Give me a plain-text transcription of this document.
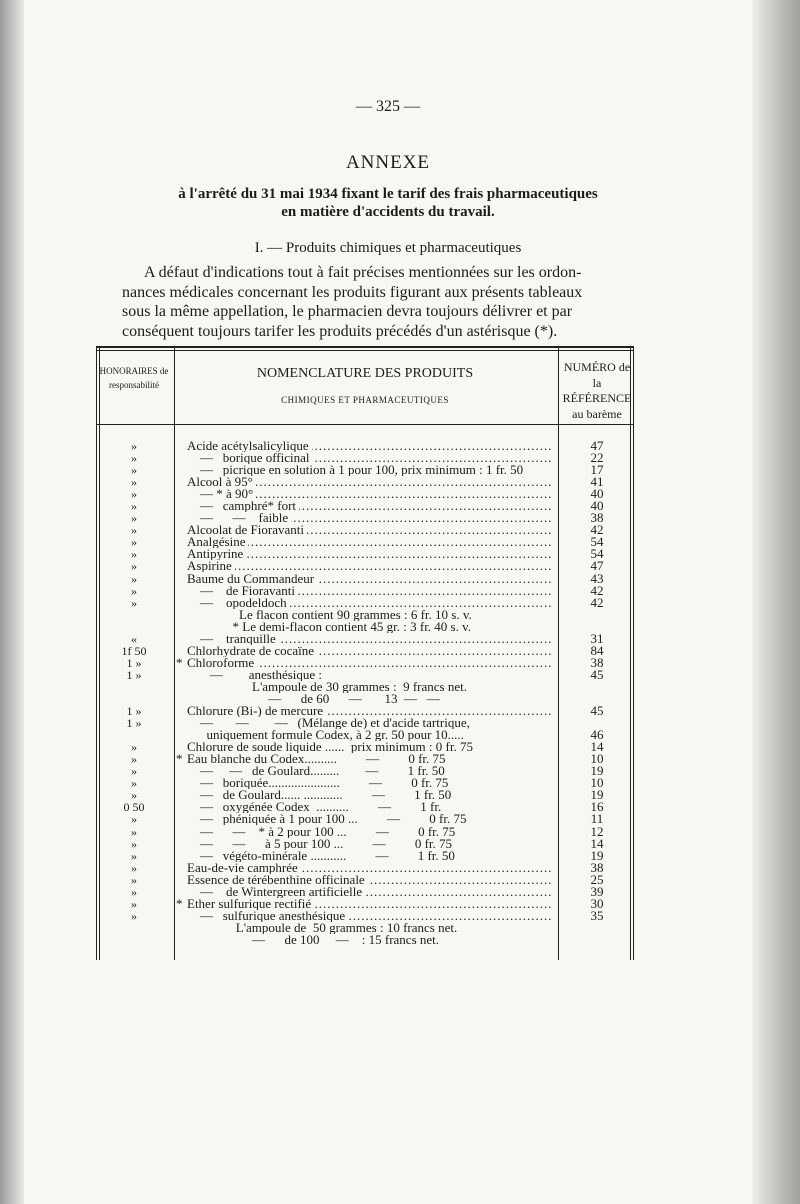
— 325 —
ANNEXE
à l'arrêté du 31 mai 1934 fixant le tarif des frais pharmaceutiques
en matière d'accidents du travail.
I. — Produits chimiques et pharmaceutiques
A défaut d'indications tout à fait précises mentionnées sur les ordon-
nances médicales concernant les produits figurant aux présents tableaux
sous la même appellation, le pharmacien devra toujours délivrer et par
conséquent toujours tarifer les produits précédés d'un astérisque (*).
HONORAIRES de responsabilité
NOMENCLATURE DES PRODUITS
CHIMIQUES ET PHARMACEUTIQUES
NUMÉRO de la RÉFÉRENCE au barème
»	Acide acétylsalicylique .....	47
»	—   borique officinal .....	22
»	—   picrique en solution à 1 pour 100, prix minimum : 1 fr. 50	17
»	Alcool à 95° .....	41
»	— * à 90° .....	40
»	—   camphré* fort .....	40
»	—      —    faible .....	38
»	Alcoolat de Fioravanti .....	42
»	Analgésine .....	54
»	Antipyrine .....	54
»	Aspirine .....	47
»	Baume du Commandeur .....	43
»	—    de Fioravanti .....	42
»	—    opodeldoch .....	42
Le flacon contient 90 grammes : 6 fr. 10 s. v.
* Le demi-flacon contient 45 gr. : 3 fr. 40 s. v.
«	—    tranquille .....	31
1f 50	Chlorhydrate de cocaïne .....	84
1 »	* Chloroforme .....	38
1 »	—        anesthésique :	45
L'ampoule de 30 grammes :  9 francs net.
—      de 60      —       13  —   —
1 »	Chlorure (Bi-) de mercure .....	45
1 »	—       —        —   (Mélange de) et d'acide tartrique,
uniquement formule Codex, à 2 gr. 50 pour 10.....	46
»	Chlorure de soude liquide ......  prix minimum : 0 fr. 75	14
»	* Eau blanche du Codex..........         —         0 fr. 75	10
»	—     —   de Goulard.........        —         1 fr. 50	19
»	—   boriquée......................         —         0 fr. 75	10
»	—   de Goulard...... ............         —         1 fr. 50	19
0 50	—   oxygénée Codex  ..........         —         1 fr.	16
»	—   phéniquée à 1 pour 100 ...         —         0 fr. 75	11
»	—      —    * à 2 pour 100 ...         —         0 fr. 75	12
»	—      —      à 5 pour 100 ...         —         0 fr. 75	14
»	—   végéto-minérale ...........         —         1 fr. 50	19
»	Eau-de-vie camphrée .....	38
»	Essence de térébenthine officinale .....	25
»	—    de Wintergreen artificielle .....	39
»	* Ether sulfurique rectifié .....	30
»	—   sulfurique anesthésique .....	35
L'ampoule de  50 grammes : 10 francs net.
—      de 100     —    : 15 francs net.
